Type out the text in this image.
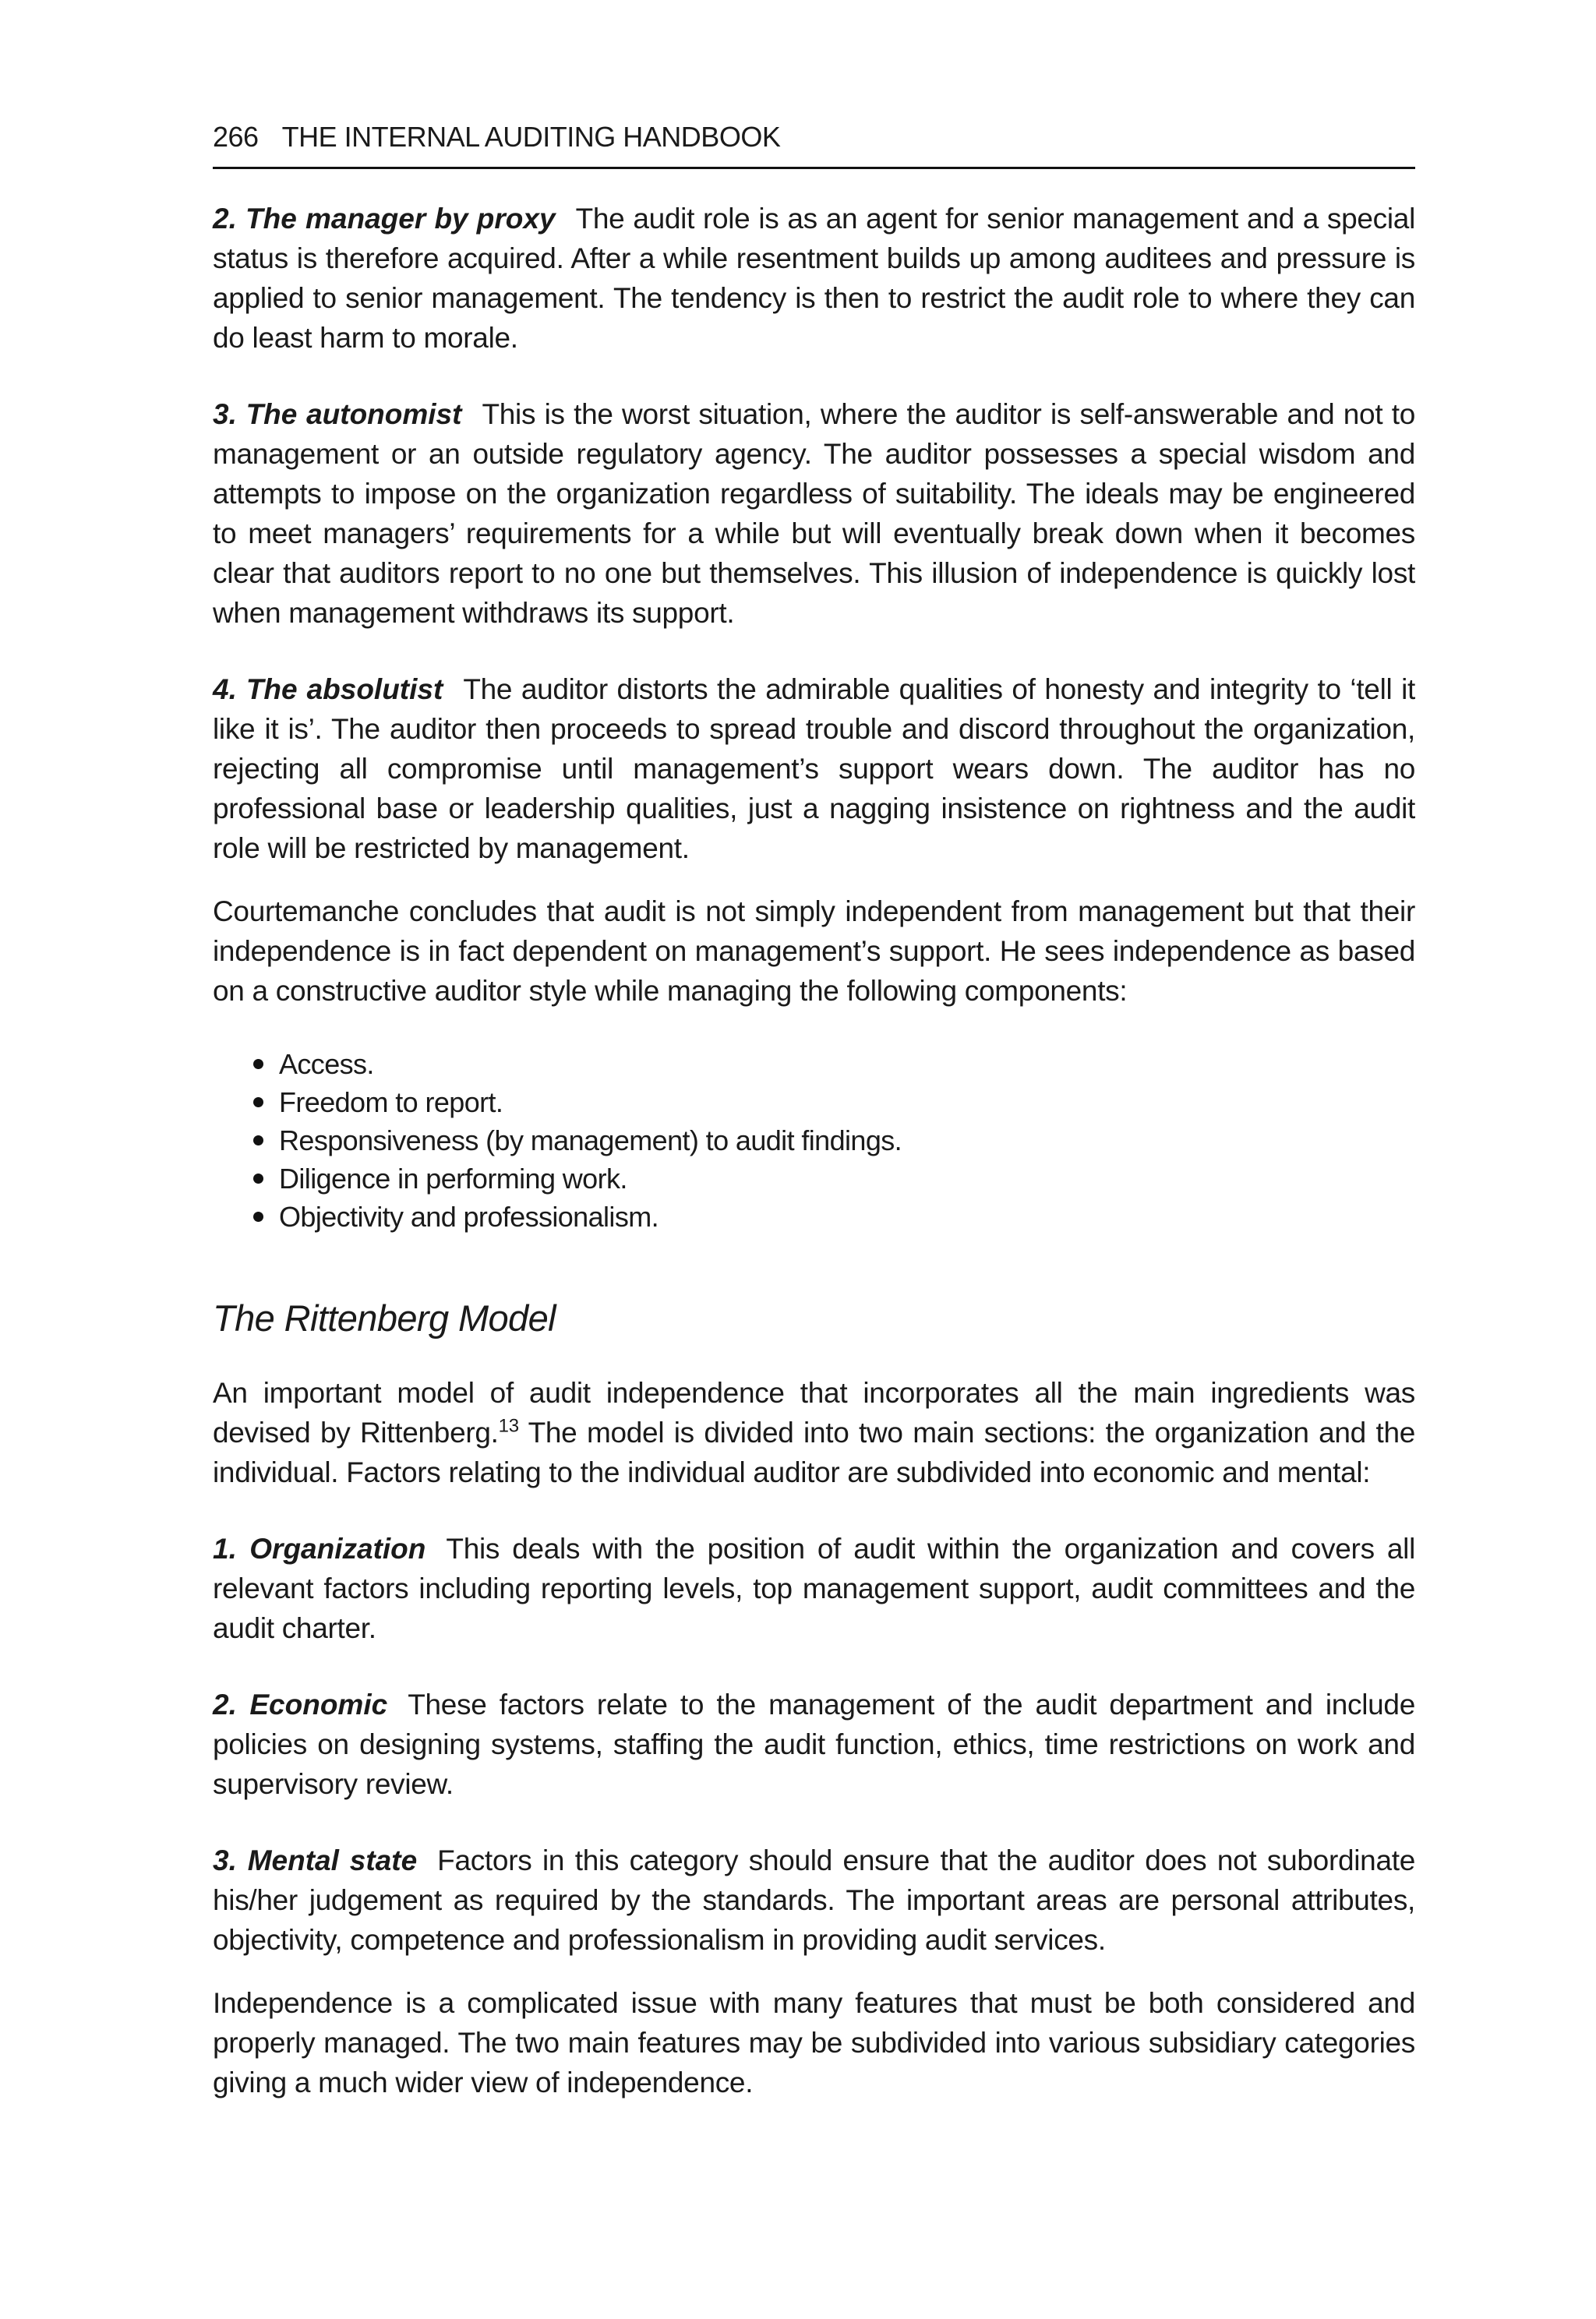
266 THE INTERNAL AUDITING HANDBOOK

2. The manager by proxy The audit role is as an agent for senior management and a special status is therefore acquired. After a while resentment builds up among auditees and pressure is applied to senior management. The tendency is then to restrict the audit role to where they can do least harm to morale.

3. The autonomist This is the worst situation, where the auditor is self-answerable and not to management or an outside regulatory agency. The auditor possesses a special wisdom and attempts to impose on the organization regardless of suitability. The ideals may be engineered to meet managers’ requirements for a while but will eventually break down when it becomes clear that auditors report to no one but themselves. This illusion of independence is quickly lost when management withdraws its support.

4. The absolutist The auditor distorts the admirable qualities of honesty and integrity to ‘tell it like it is’. The auditor then proceeds to spread trouble and discord throughout the organization, rejecting all compromise until management’s support wears down. The auditor has no professional base or leadership qualities, just a nagging insistence on rightness and the audit role will be restricted by management.

Courtemanche concludes that audit is not simply independent from management but that their independence is in fact dependent on management’s support. He sees independence as based on a constructive auditor style while managing the following components:

Access.
Freedom to report.
Responsiveness (by management) to audit findings.
Diligence in performing work.
Objectivity and professionalism.
The Rittenberg Model

An important model of audit independence that incorporates all the main ingredients was devised by Rittenberg.$^{13}$ The model is divided into two main sections: the organization and the individual. Factors relating to the individual auditor are subdivided into economic and mental:

1. Organization This deals with the position of audit within the organization and covers all relevant factors including reporting levels, top management support, audit committees and the audit charter.

2. Economic These factors relate to the management of the audit department and include policies on designing systems, staffing the audit function, ethics, time restrictions on work and supervisory review.

3. Mental state Factors in this category should ensure that the auditor does not subordinate his/her judgement as required by the standards. The important areas are personal attributes, objectivity, competence and professionalism in providing audit services.

Independence is a complicated issue with many features that must be both considered and properly managed. The two main features may be subdivided into various subsidiary categories giving a much wider view of independence.
